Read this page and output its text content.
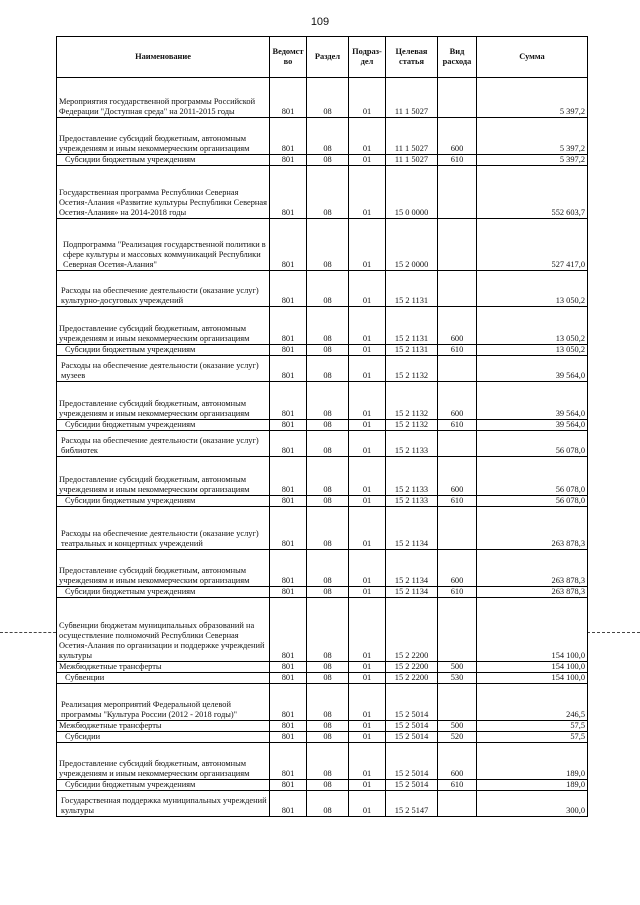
109
Наименование	Ведомст во	Раздел	Подраз- дел	Целевая статья	Вид расхода	Сумма
Мероприятия государственной программы Российской Федерации "Доступная среда" на 2011-2015 годы	801	08	01	11 1 5027		5 397,2
Предоставление субсидий бюджетным, автономным учреждениям и иным некоммерческим организациям	801	08	01	11 1 5027	600	5 397,2
Субсидии бюджетным учреждениям	801	08	01	11 1 5027	610	5 397,2
Государственная программа Республики Северная Осетия-Алания «Развитие культуры Республики Северная Осетия-Алания» на 2014-2018 годы	801	08	01	15 0 0000		552 603,7
Подпрограмма "Реализация государственной политики в сфере культуры и массовых коммуникаций Республики Северная Осетия-Алания"	801	08	01	15 2 0000		527 417,0
Расходы на обеспечение деятельности (оказание услуг) культурно-досуговых учреждений	801	08	01	15 2 1131		13 050,2
Предоставление субсидий бюджетным, автономным учреждениям и иным некоммерческим организациям	801	08	01	15 2 1131	600	13 050,2
Субсидии бюджетным учреждениям	801	08	01	15 2 1131	610	13 050,2
Расходы на обеспечение деятельности (оказание услуг) музеев	801	08	01	15 2 1132		39 564,0
Предоставление субсидий бюджетным, автономным учреждениям и иным некоммерческим организациям	801	08	01	15 2 1132	600	39 564,0
Субсидии бюджетным учреждениям	801	08	01	15 2 1132	610	39 564,0
Расходы на обеспечение деятельности (оказание услуг) библиотек	801	08	01	15 2 1133		56 078,0
Предоставление субсидий бюджетным, автономным учреждениям и иным некоммерческим организациям	801	08	01	15 2 1133	600	56 078,0
Субсидии бюджетным учреждениям	801	08	01	15 2 1133	610	56 078,0
Расходы на обеспечение деятельности (оказание услуг) театральных и концертных учреждений	801	08	01	15 2 1134		263 878,3
Предоставление субсидий бюджетным, автономным учреждениям и иным некоммерческим организациям	801	08	01	15 2 1134	600	263 878,3
Субсидии бюджетным учреждениям	801	08	01	15 2 1134	610	263 878,3
Субвенции бюджетам муниципальных образований на осуществление полномочий Республики Северная Осетия-Алания по организации и поддержке учреждений культуры	801	08	01	15 2 2200		154 100,0
Межбюджетные трансферты	801	08	01	15 2 2200	500	154 100,0
Субвенции	801	08	01	15 2 2200	530	154 100,0
Реализация мероприятий Федеральной целевой программы "Культура России (2012 - 2018 годы)"	801	08	01	15 2 5014		246,5
Межбюджетные трансферты	801	08	01	15 2 5014	500	57,5
Субсидии	801	08	01	15 2 5014	520	57,5
Предоставление субсидий бюджетным, автономным учреждениям и иным некоммерческим организациям	801	08	01	15 2 5014	600	189,0
Субсидии бюджетным учреждениям	801	08	01	15 2 5014	610	189,0
Государственная поддержка муниципальных учреждений культуры	801	08	01	15 2 5147		300,0
